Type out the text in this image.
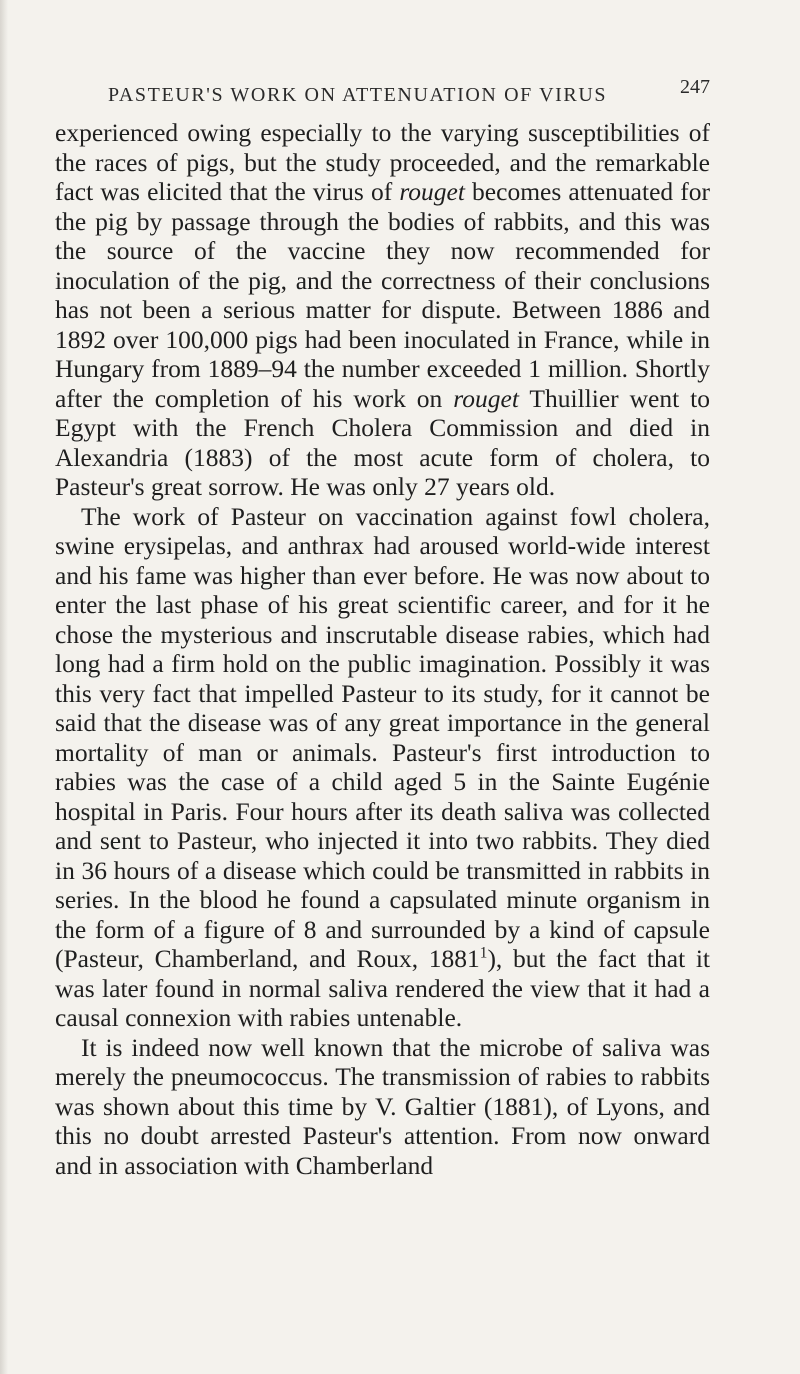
PASTEUR'S WORK ON ATTENUATION OF VIRUS	247

experienced owing especially to the varying susceptibilities of the races of pigs, but the study proceeded, and the remarkable fact was elicited that the virus of rouget becomes attenuated for the pig by passage through the bodies of rabbits, and this was the source of the vaccine they now recommended for inoculation of the pig, and the correctness of their conclusions has not been a serious matter for dispute. Between 1886 and 1892 over 100,000 pigs had been inoculated in France, while in Hungary from 1889–94 the number exceeded 1 million. Shortly after the completion of his work on rouget Thuillier went to Egypt with the French Cholera Commission and died in Alexandria (1883) of the most acute form of cholera, to Pasteur's great sorrow. He was only 27 years old.

The work of Pasteur on vaccination against fowl cholera, swine erysipelas, and anthrax had aroused world-wide interest and his fame was higher than ever before. He was now about to enter the last phase of his great scientific career, and for it he chose the mysterious and inscrutable disease rabies, which had long had a firm hold on the public imagination. Possibly it was this very fact that impelled Pasteur to its study, for it cannot be said that the disease was of any great importance in the general mortality of man or animals. Pasteur's first introduction to rabies was the case of a child aged 5 in the Sainte Eugénie hospital in Paris. Four hours after its death saliva was collected and sent to Pasteur, who injected it into two rabbits. They died in 36 hours of a disease which could be transmitted in rabbits in series. In the blood he found a capsulated minute organism in the form of a figure of 8 and surrounded by a kind of capsule (Pasteur, Chamberland, and Roux, 1881$^1$), but the fact that it was later found in normal saliva rendered the view that it had a causal connexion with rabies untenable.

It is indeed now well known that the microbe of saliva was merely the pneumococcus. The transmission of rabies to rabbits was shown about this time by V. Galtier (1881), of Lyons, and this no doubt arrested Pasteur's attention. From now onward and in association with Chamberland
